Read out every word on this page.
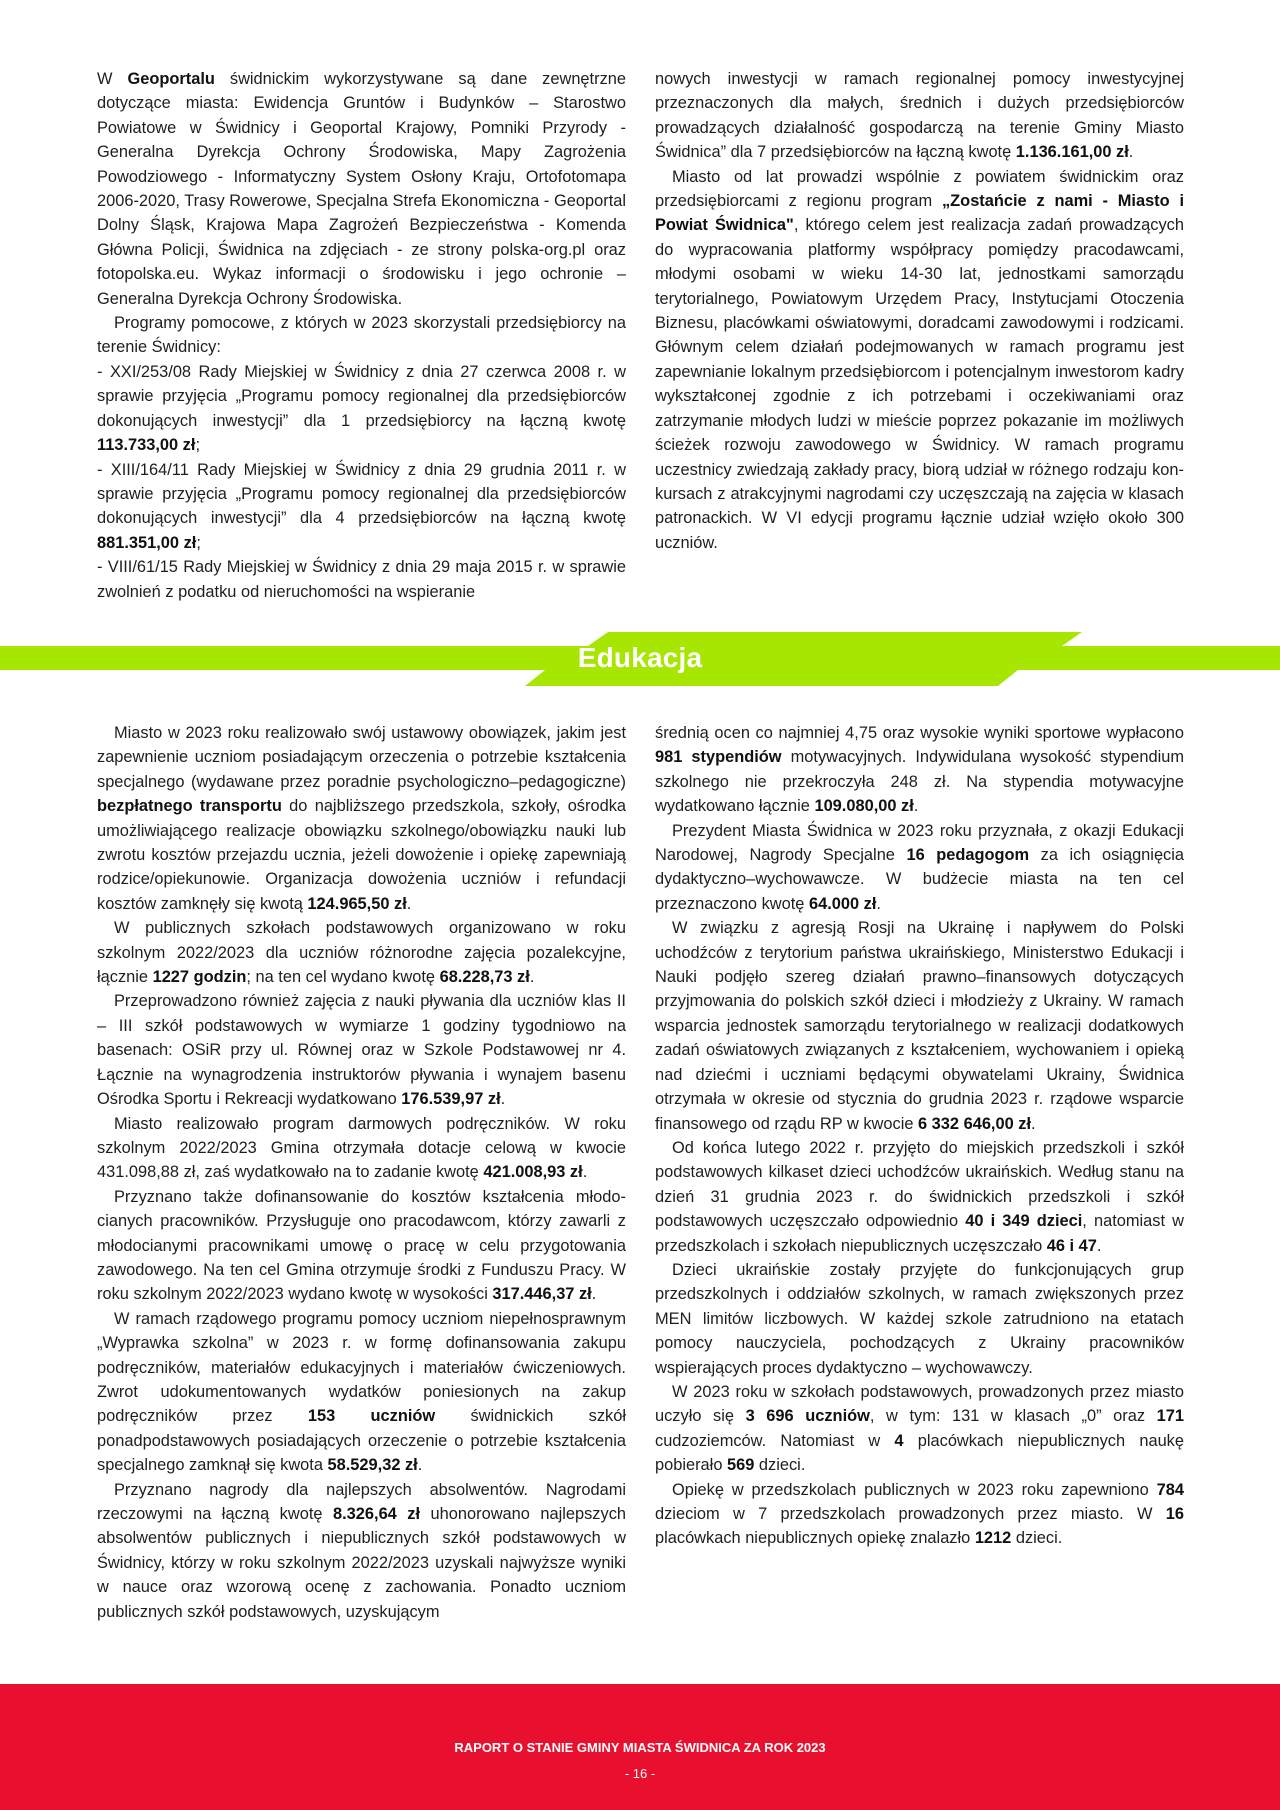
W Geoportalu świdnickim wykorzystywane są dane zewnętrzne dotyczące miasta: Ewidencja Gruntów i Budynków – Starostwo Powiatowe w Świdnicy i Geoportal Krajowy, Pomniki Przyrody - Generalna Dyrekcja Ochrony Środowiska, Mapy Zagrożenia Powodziowego - Informatyczny System Osłony Kraju, Ortofotomapa 2006-2020, Trasy Rowerowe, Specjalna Strefa Ekonomiczna - Geoportal Dolny Śląsk, Krajowa Mapa Zagrożeń Bezpieczeństwa - Komenda Główna Policji, Świdnica na zdjęciach - ze strony polska-org.pl oraz fotopolska.eu. Wykaz informacji o środowisku i jego ochronie – Generalna Dyrekcja Ochrony Środowiska.

Programy pomocowe, z których w 2023 skorzystali przedsiębiorcy na terenie Świdnicy:

- XXI/253/08 Rady Miejskiej w Świdnicy z dnia 27 czerwca 2008 r. w sprawie przyjęcia „Programu pomocy regionalnej dla przedsiębiorców dokonujących inwestycji” dla 1 przedsiębiorcy na łączną kwotę 113.733,00 zł;

- XIII/164/11 Rady Miejskiej w Świdnicy z dnia 29 grudnia 2011 r. w sprawie przyjęcia „Programu pomocy regionalnej dla przedsiębiorców dokonujących inwestycji” dla 4 przedsiębiorców na łączną kwotę 881.351,00 zł;

- VIII/61/15 Rady Miejskiej w Świdnicy z dnia 29 maja 2015 r. w sprawie zwolnień z podatku od nieruchomości na wspieranie

nowych inwestycji w ramach regionalnej pomocy inwestycyjnej przeznaczonych dla małych, średnich i dużych przedsiębiorców prowadzących działalność gospodarczą na terenie Gminy Miasto Świdnica” dla 7 przedsiębiorców na łączną kwotę 1.136.161,00 zł.

Miasto od lat prowadzi wspólnie z powiatem świdnickim oraz przedsiębiorcami z regionu program „Zostańcie z nami - Miasto i Powiat Świdnica", którego celem jest realizacja zadań prowadzących do wypracowania platformy współpracy pomiędzy pracodawcami, młodymi osobami w wieku 14-30 lat, jednostkami samorządu terytorialnego, Powiatowym Urzędem Pracy, Instytucjami Otoczenia Biznesu, placówkami oświatowymi, doradcami zawodowymi i rodzicami. Głównym celem działań podejmowanych w ramach programu jest zapewnianie lokalnym przedsiębiorcom i potencjalnym inwestorom kadry wykształconej zgodnie z ich potrzebami i oczekiwaniami oraz zatrzymanie młodych ludzi w mieście poprzez pokazanie im możliwych ścieżek rozwoju zawodowego w Świdnicy. W ramach programu uczestnicy zwiedzają zakłady pracy, biorą udział w różnego rodzaju konkursach z atrakcyjnymi nagrodami czy uczęszczają na zajęcia w klasach patronackich. W VI edycji programu łącznie udział wzięło około 300 uczniów.

Edukacja

Miasto w 2023 roku realizowało swój ustawowy obowiązek, jakim jest zapewnienie uczniom posiadającym orzeczenia o potrzebie kształcenia specjalnego (wydawane przez poradnie psychologiczno–pedagogiczne) bezpłatnego transportu do najbliższego przedszkola, szkoły, ośrodka umożliwiającego realizacje obowiązku szkolnego/obowiązku nauki lub zwrotu kosztów przejazdu ucznia, jeżeli dowożenie i opiekę zapewniają rodzice/opiekunowie. Organizacja dowożenia uczniów i refundacji kosztów zamknęły się kwotą 124.965,50 zł.

W publicznych szkołach podstawowych organizowano w roku szkolnym 2022/2023 dla uczniów różnorodne zajęcia pozalekcyjne, łącznie 1227 godzin; na ten cel wydano kwotę 68.228,73 zł.

Przeprowadzono również zajęcia z nauki pływania dla uczniów klas II – III szkół podstawowych w wymiarze 1 godziny tygodniowo na basenach: OSiR przy ul. Równej oraz w Szkole Podstawowej nr 4. Łącznie na wynagrodzenia instruktorów pływania i wynajem basenu Ośrodka Sportu i Rekreacji wydatkowano 176.539,97 zł.

Miasto realizowało program darmowych podręczników. W roku szkolnym 2022/2023 Gmina otrzymała dotacje celową w kwocie 431.098,88 zł, zaś wydatkowało na to zadanie kwotę 421.008,93 zł.

Przyznano także dofinansowanie do kosztów kształcenia młodocianych pracowników. Przysługuje ono pracodawcom, którzy zawarli z młodocianymi pracownikami umowę o pracę w celu przygotowania zawodowego. Na ten cel Gmina otrzymuje środki z Funduszu Pracy. W roku szkolnym 2022/2023 wydano kwotę w wysokości 317.446,37 zł.

W ramach rządowego programu pomocy uczniom niepełnosprawnym „Wyprawka szkolna” w 2023 r. w formę dofinansowania zakupu podręczników, materiałów edukacyjnych i materiałów ćwiczeniowych. Zwrot udokumentowanych wydatków poniesionych na zakup podręczników przez 153 uczniów świdnickich szkół ponadpodstawowych posiadających orzeczenie o potrzebie kształcenia specjalnego zamknął się kwota 58.529,32 zł.

Przyznano nagrody dla najlepszych absolwentów. Nagrodami rzeczowymi na łączną kwotę 8.326,64 zł uhonorowano najlepszych absolwentów publicznych i niepublicznych szkół podstawowych w Świdnicy, którzy w roku szkolnym 2022/2023 uzyskali najwyższe wyniki w nauce oraz wzorową ocenę z zachowania. Ponadto uczniom publicznych szkół podstawowych, uzyskującym

średnią ocen co najmniej 4,75 oraz wysokie wyniki sportowe wypłacono 981 stypendiów motywacyjnych. Indywidulana wysokość stypendium szkolnego nie przekroczyła 248 zł. Na stypendia motywacyjne wydatkowano łącznie 109.080,00 zł.

Prezydent Miasta Świdnica w 2023 roku przyznała, z okazji Edukacji Narodowej, Nagrody Specjalne 16 pedagogom za ich osiągnięcia dydaktyczno–wychowawcze. W budżecie miasta na ten cel przeznaczono kwotę 64.000 zł.

W związku z agresją Rosji na Ukrainę i napływem do Polski uchodźców z terytorium państwa ukraińskiego, Ministerstwo Edukacji i Nauki podjęło szereg działań prawno–finansowych dotyczących przyjmowania do polskich szkół dzieci i młodzieży z Ukrainy. W ramach wsparcia jednostek samorządu terytorialnego w realizacji dodatkowych zadań oświatowych związanych z kształceniem, wychowaniem i opieką nad dziećmi i uczniami będącymi obywatelami Ukrainy, Świdnica otrzymała w okresie od stycznia do grudnia 2023 r. rządowe wsparcie finansowego od rządu RP w kwocie 6 332 646,00 zł.

Od końca lutego 2022 r. przyjęto do miejskich przedszkoli i szkół podstawowych kilkaset dzieci uchodźców ukraińskich. Według stanu na dzień 31 grudnia 2023 r. do świdnickich przedszkoli i szkół podstawowych uczęszczało odpowiednio 40 i 349 dzieci, natomiast w przedszkolach i szkołach niepublicznych uczęszczało 46 i 47.

Dzieci ukraińskie zostały przyjęte do funkcjonujących grup przedszkolnych i oddziałów szkolnych, w ramach zwiększonych przez MEN limitów liczbowych. W każdej szkole zatrudniono na etatach pomocy nauczyciela, pochodzących z Ukrainy pracowników wspierających proces dydaktyczno – wychowawczy.

W 2023 roku w szkołach podstawowych, prowadzonych przez miasto uczyło się 3 696 uczniów, w tym: 131 w klasach „0” oraz 171 cudzoziemców. Natomiast w 4 placówkach niepublicznych naukę pobierało 569 dzieci.

Opiekę w przedszkolach publicznych w 2023 roku zapewniono 784 dzieciom w 7 przedszkolach prowadzonych przez miasto. W 16 placówkach niepublicznych opiekę znalazło 1212 dzieci.

RAPORT O STANIE GMINY MIASTA ŚWIDNICA ZA ROK 2023
- 16 -
